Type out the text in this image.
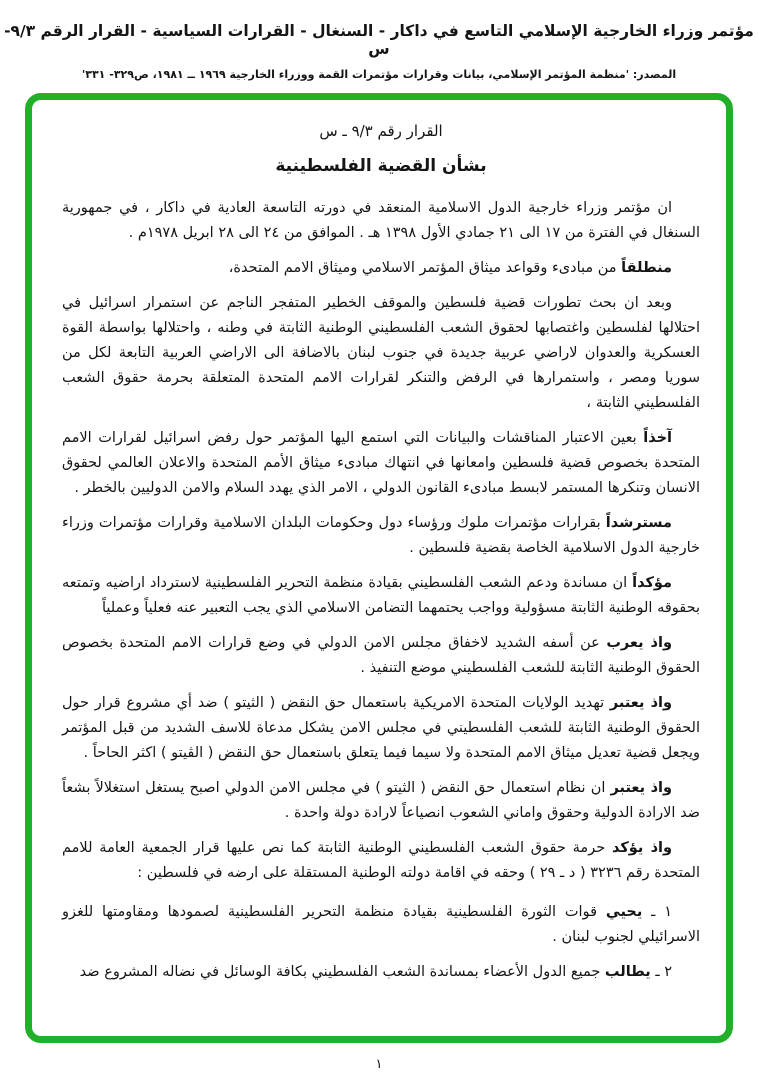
مؤتمر وزراء الخارجية الإسلامي التاسع في داكار - السنغال - القرارات السياسية - القرار الرقم ٩/٣- س
المصدر: 'منظمة المؤتمر الإسلامي، بيانات وقرارات مؤتمرات القمة ووزراء الخارجية ١٩٦٩ ــ ١٩٨١، ص٣٢٩- ٣٣١'
القرار رقم ٩/٣ ـ س
بشأن القضية الفلسطينية

ان مؤتمر وزراء خارجية الدول الاسلامية المنعقد في دورته التاسعة العادية في داكار ، في جمهورية السنغال في الفترة من ١٧ الى ٢١ جمادي الأول ١٣٩٨ هـ . الموافق من ٢٤ الى ٢٨ ابريل ١٩٧٨م .

منطلقاً من مبادىء وقواعد ميثاق المؤتمر الاسلامي وميثاق الامم المتحدة،

وبعد ان بحث تطورات قضية فلسطين والموقف الخطير المتفجر الناجم عن استمرار اسرائيل في احتلالها لفلسطين واغتصابها لحقوق الشعب الفلسطيني الوطنية الثابتة في وطنه ، واحتلالها بواسطة القوة العسكرية والعدوان لاراضي عربية جديدة في جنوب لبنان بالاضافة الى الاراضي العربية التابعة لكل من سوريا ومصر ، واستمرارها في الرفض والتنكر لقرارات الامم المتحدة المتعلقة بحرمة حقوق الشعب الفلسطيني الثابتة ،

آخذاً بعين الاعتبار المناقشات والبيانات التي استمع اليها المؤتمر حول رفض اسرائيل لقرارات الامم المتحدة بخصوص قضية فلسطين وامعانها في انتهاك مبادىء ميثاق الأمم المتحدة والاعلان العالمي لحقوق الانسان وتنكرها المستمر لابسط مبادىء القانون الدولي ، الامر الذي يهدد السلام والامن الدوليين بالخطر .

مسترشداً بقرارات مؤتمرات ملوك ورؤساء دول وحكومات البلدان الاسلامية وقرارات مؤتمرات وزراء خارجية الدول الاسلامية الخاصة بقضية فلسطين .

مؤكداً ان مساندة ودعم الشعب الفلسطيني بقيادة منظمة التحرير الفلسطينية لاسترداد اراضيه وتمتعه بحقوقه الوطنية الثابتة مسؤولية وواجب يحتمهما التضامن الاسلامي الذي يجب التعبير عنه فعلياً وعملياً

واذ يعرب عن أسفه الشديد لاخفاق مجلس الامن الدولي في وضع قرارات الامم المتحدة بخصوص الحقوق الوطنية الثابتة للشعب الفلسطيني موضع التنفيذ .

واذ يعتبر تهديد الولايات المتحدة الامريكية باستعمال حق النقض ( الثيتو ) ضد أي مشروع قرار حول الحقوق الوطنية الثابتة للشعب الفلسطيني في مجلس الامن يشكل مدعاة للاسف الشديد من قبل المؤتمر ويجعل قضية تعديل ميثاق الامم المتحدة ولا سيما فيما يتعلق باستعمال حق النقض ( الڤيتو ) اكثر الحاحاً .

واذ يعتبر ان نظام استعمال حق النقض ( الثيتو ) في مجلس الامن الدولي اصبح يستغل استغلالاً بشعاً ضد الارادة الدولية وحقوق واماني الشعوب انصياعاً لارادة دولة واحدة .

واذ يؤكد حرمة حقوق الشعب الفلسطيني الوطنية الثابتة كما نص عليها قرار الجمعية العامة للامم المتحدة رقم ٣٢٣٦ ( د ـ ٢٩ ) وحقه في اقامة دولته الوطنية المستقلة على ارضه في فلسطين :

١ ـ يحيي قوات الثورة الفلسطينية بقيادة منظمة التحرير الفلسطينية لصمودها ومقاومتها للغزو الاسرائيلي لجنوب لبنان .

٢ ـ يطالب جميع الدول الأعضاء بمساندة الشعب الفلسطيني بكافة الوسائل في نضاله المشروع ضد

١
